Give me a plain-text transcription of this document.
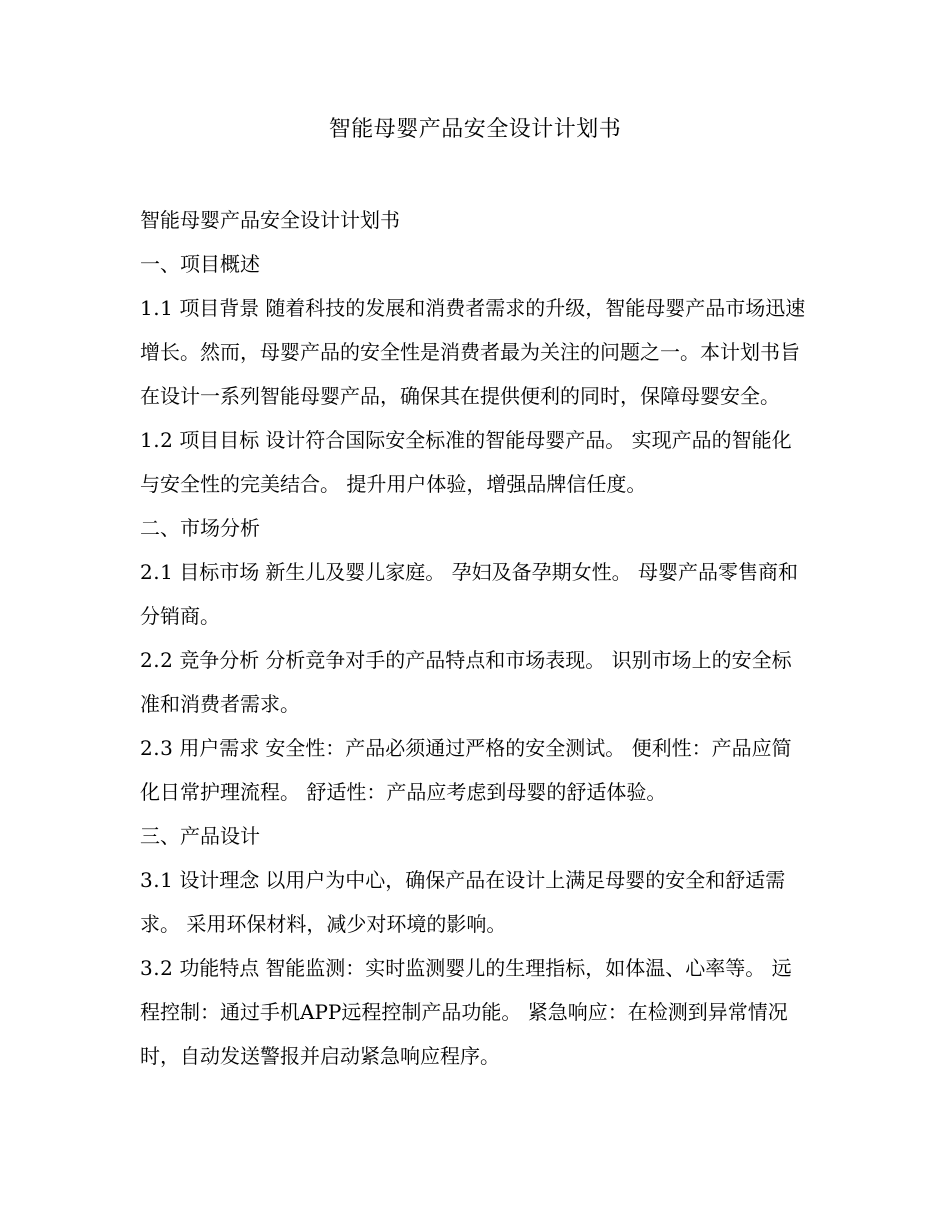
智能母婴产品安全设计计划书

智能母婴产品安全设计计划书

一、项目概述

1.1 项目背景 随着科技的发展和消费者需求的升级，智能母婴产品市场迅速增长。然而，母婴产品的安全性是消费者最为关注的问题之一。本计划书旨在设计一系列智能母婴产品，确保其在提供便利的同时，保障母婴安全。

1.2 项目目标 设计符合国际安全标准的智能母婴产品。 实现产品的智能化与安全性的完美结合。 提升用户体验，增强品牌信任度。

二、市场分析

2.1 目标市场 新生儿及婴儿家庭。 孕妇及备孕期女性。 母婴产品零售商和分销商。

2.2 竞争分析 分析竞争对手的产品特点和市场表现。 识别市场上的安全标准和消费者需求。

2.3 用户需求 安全性：产品必须通过严格的安全测试。 便利性：产品应简化日常护理流程。 舒适性：产品应考虑到母婴的舒适体验。

三、产品设计

3.1 设计理念 以用户为中心，确保产品在设计上满足母婴的安全和舒适需求。 采用环保材料，减少对环境的影响。

3.2 功能特点 智能监测：实时监测婴儿的生理指标，如体温、心率等。 远程控制：通过手机APP远程控制产品功能。 紧急响应：在检测到异常情况时，自动发送警报并启动紧急响应程序。
